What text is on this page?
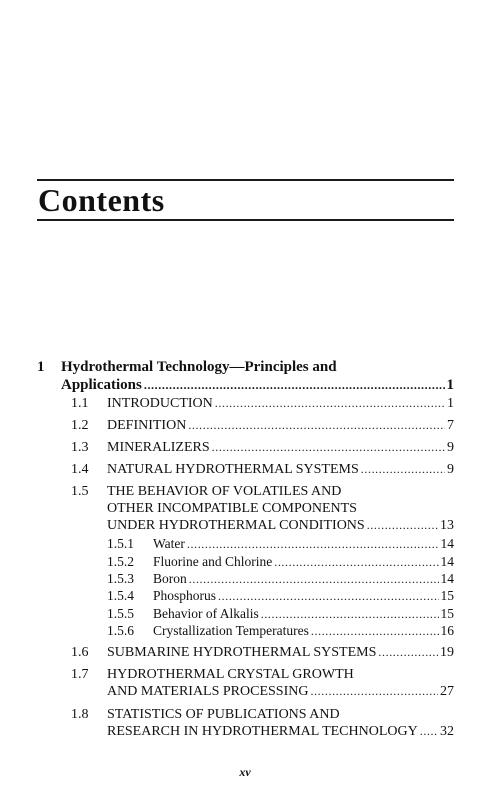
Contents
1 Hydrothermal Technology—Principles and
Applications . . .	1
1.1 INTRODUCTION . . .	1
1.2 DEFINITION . . .	7
1.3 MINERALIZERS . . .	9
1.4 NATURAL HYDROTHERMAL SYSTEMS . . .	9
1.5 THE BEHAVIOR OF VOLATILES AND
OTHER INCOMPATIBLE COMPONENTS
UNDER HYDROTHERMAL CONDITIONS . . .	13
1.5.1 Water . . .	14
1.5.2 Fluorine and Chlorine . . .	14
1.5.3 Boron . . .	14
1.5.4 Phosphorus . . .	15
1.5.5 Behavior of Alkalis . . .	15
1.5.6 Crystallization Temperatures . . .	16
1.6 SUBMARINE HYDROTHERMAL SYSTEMS . . .	19
1.7 HYDROTHERMAL CRYSTAL GROWTH
AND MATERIALS PROCESSING . . .	27
1.8 STATISTICS OF PUBLICATIONS AND
RESEARCH IN HYDROTHERMAL TECHNOLOGY . . . 32
xv
